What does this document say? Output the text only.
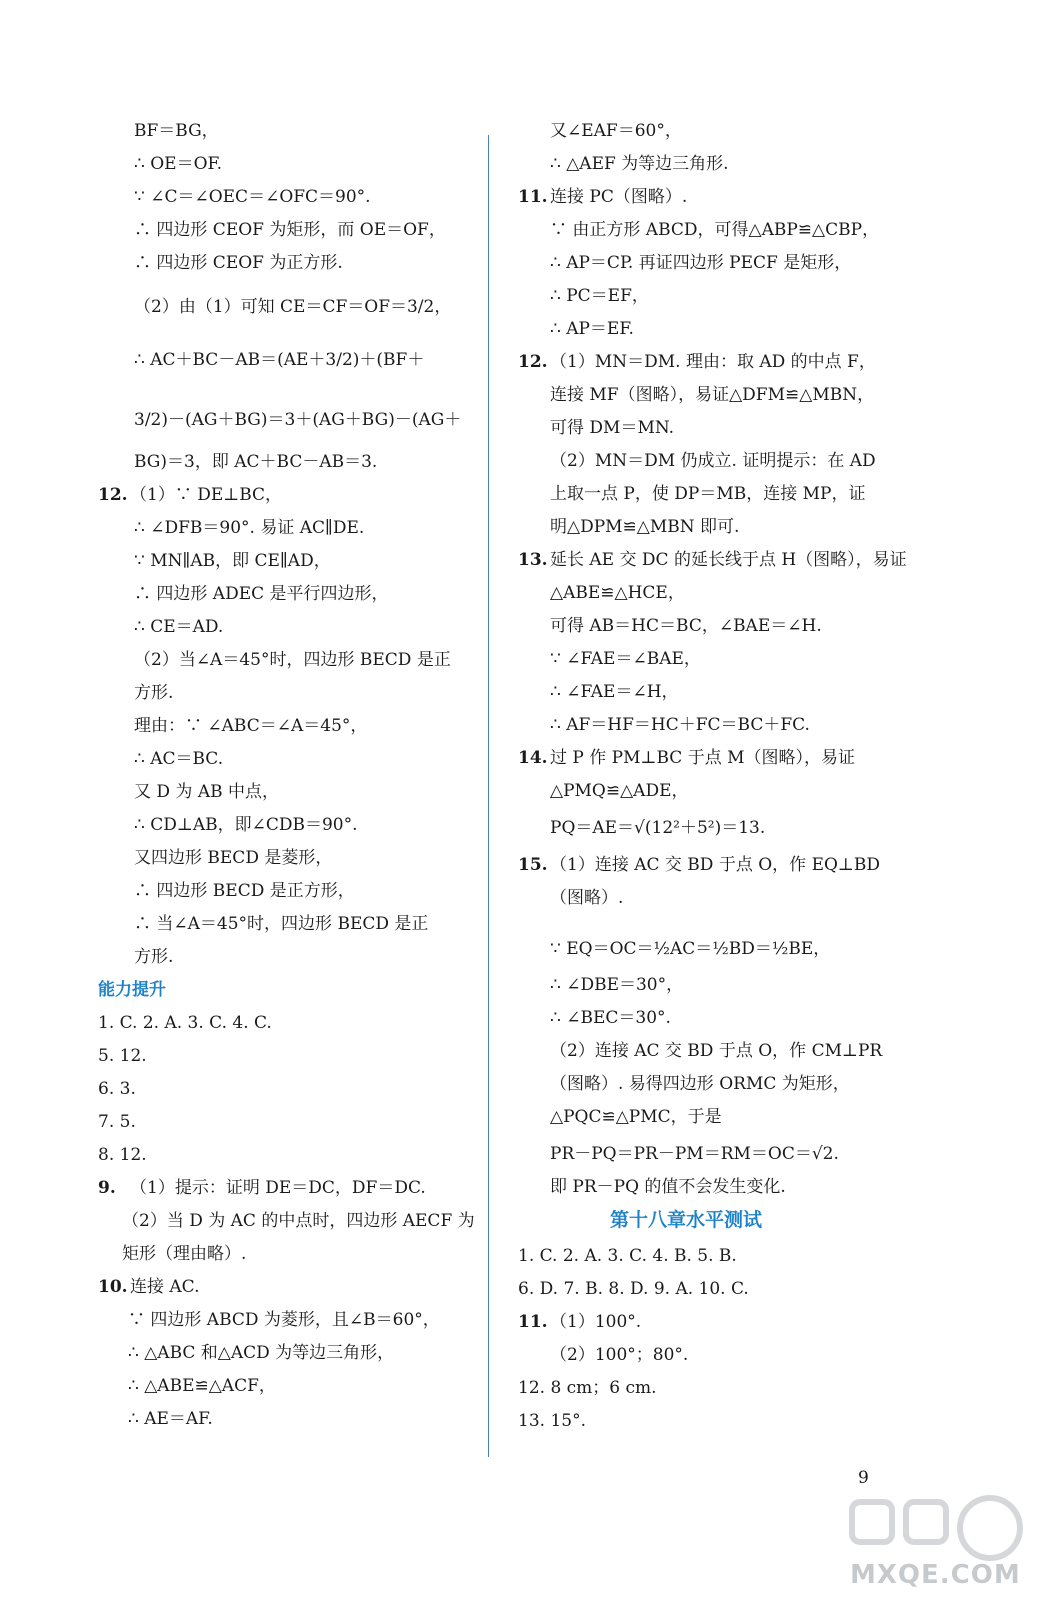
BF＝BG，
∴ OE＝OF.
∵ ∠C＝∠OEC＝∠OFC＝90°.
∴ 四边形 CEOF 为矩形，而 OE＝OF，
∴ 四边形 CEOF 为正方形.
（2）由（1）可知 CE＝CF＝OF＝3/2，
∴ AC＋BC－AB＝(AE＋3/2)＋(BF＋
3/2)－(AG＋BG)＝3＋(AG＋BG)－(AG＋
BG)＝3，即 AC＋BC－AB＝3.
12. （1）∵ DE⊥BC，
∴ ∠DFB＝90°. 易证 AC∥DE.
∵ MN∥AB，即 CE∥AD，
∴ 四边形 ADEC 是平行四边形，
∴ CE＝AD.
（2）当∠A＝45°时，四边形 BECD 是正
方形.
理由：∵ ∠ABC＝∠A＝45°，
∴ AC＝BC.
又 D 为 AB 中点，
∴ CD⊥AB，即∠CDB＝90°.
又四边形 BECD 是菱形，
∴ 四边形 BECD 是正方形，
∴ 当∠A＝45°时，四边形 BECD 是正
方形.
能力提升
1. C. 2. A. 3. C. 4. C.
5. 12.
6. 3.
7. 5.
8. 12.
9. （1）提示：证明 DE＝DC，DF＝DC.
（2）当 D 为 AC 的中点时，四边形 AECF 为
矩形（理由略）.
10. 连接 AC.
∵ 四边形 ABCD 为菱形，且∠B＝60°，
∴ △ABC 和△ACD 为等边三角形，
∴ △ABE≌△ACF，
∴ AE＝AF.
又∠EAF＝60°，
∴ △AEF 为等边三角形.
11. 连接 PC（图略）.
∵ 由正方形 ABCD，可得△ABP≌△CBP，
∴ AP＝CP. 再证四边形 PECF 是矩形，
∴ PC＝EF，
∴ AP＝EF.
12. （1）MN＝DM. 理由：取 AD 的中点 F，
连接 MF（图略），易证△DFM≌△MBN，
可得 DM＝MN.
（2）MN＝DM 仍成立. 证明提示：在 AD
上取一点 P，使 DP＝MB，连接 MP，证
明△DPM≌△MBN 即可.
13. 延长 AE 交 DC 的延长线于点 H（图略），易证
△ABE≌△HCE，
可得 AB＝HC＝BC，∠BAE＝∠H.
∵ ∠FAE＝∠BAE，
∴ ∠FAE＝∠H，
∴ AF＝HF＝HC＋FC＝BC＋FC.
14. 过 P 作 PM⊥BC 于点 M（图略），易证
△PMQ≌△ADE，
PQ＝AE＝√(12²＋5²)＝13.
15. （1）连接 AC 交 BD 于点 O，作 EQ⊥BD
（图略）.
∵ EQ＝OC＝½AC＝½BD＝½BE，
∴ ∠DBE＝30°，
∴ ∠BEC＝30°.
（2）连接 AC 交 BD 于点 O，作 CM⊥PR
（图略）. 易得四边形 ORMC 为矩形，
△PQC≌△PMC，于是
PR－PQ＝PR－PM＝RM＝OC＝√2.
即 PR－PQ 的值不会发生变化.
第十八章水平测试
1. C. 2. A. 3. C. 4. B. 5. B.
6. D. 7. B. 8. D. 9. A. 10. C.
11. （1）100°.
（2）100°；80°.
12. 8 cm；6 cm.
13. 15°.
9
MXQE.COM
